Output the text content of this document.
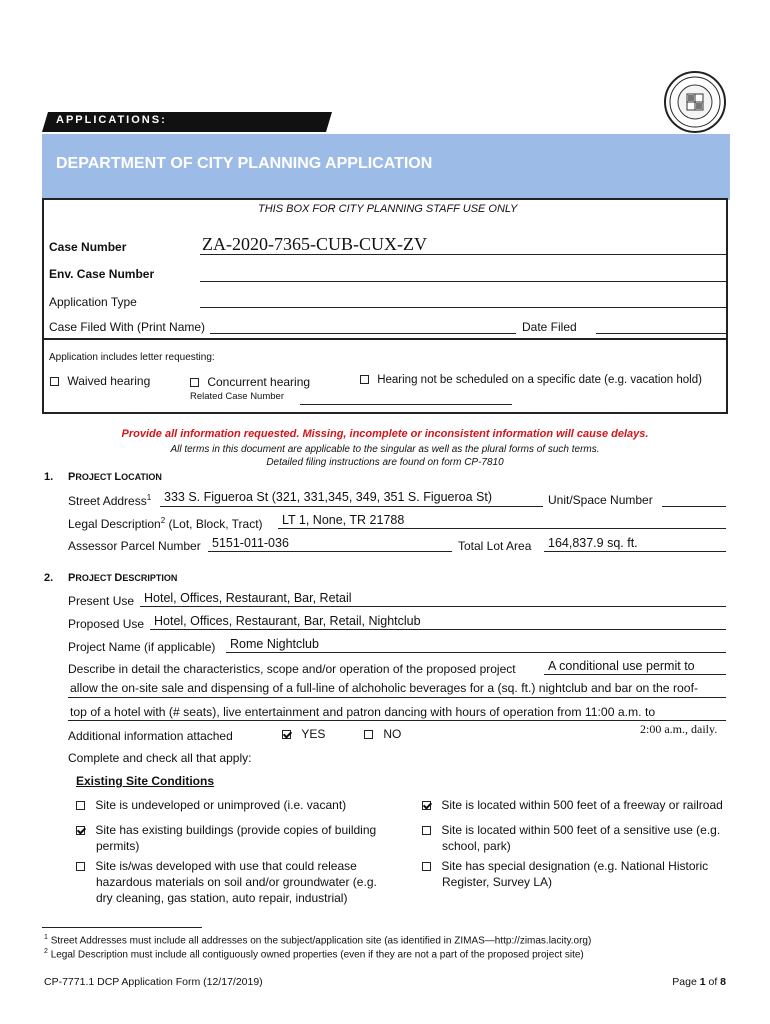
APPLICATIONS:
DEPARTMENT OF CITY PLANNING APPLICATION
THIS BOX FOR CITY PLANNING STAFF USE ONLY
Case Number	ZA-2020-7365-CUB-CUX-ZV
Env. Case Number
Application Type
Case Filed With (Print Name)	Date Filed
Application includes letter requesting:
Waived hearing	Concurrent hearing	Hearing not be scheduled on a specific date (e.g. vacation hold)
Related Case Number
Provide all information requested. Missing, incomplete or inconsistent information will cause delays.
All terms in this document are applicable to the singular as well as the plural forms of such terms.
Detailed filing instructions are found on form CP-7810
1. PROJECT LOCATION
Street Address$^1$ 333 S. Figueroa St (321, 331,345, 349, 351 S. Figueroa St)	Unit/Space Number
Legal Description$^2$ (Lot, Block, Tract) LT 1, None, TR 21788
Assessor Parcel Number 5151-011-036	Total Lot Area 164,837.9 sq. ft.
2. PROJECT DESCRIPTION
Present Use Hotel, Offices, Restaurant, Bar, Retail
Proposed Use Hotel, Offices, Restaurant, Bar, Retail, Nightclub
Project Name (if applicable) Rome Nightclub
Describe in detail the characteristics, scope and/or operation of the proposed project	A conditional use permit to
allow the on-site sale and dispensing of a full-line of alchoholic beverages for a (sq. ft.) nightclub and bar on the roof-
top of a hotel with (# seats), live entertainment and patron dancing with hours of operation from 11:00 a.m. to
2:00 a.m., daily.
Additional information attached	YES	NO
Complete and check all that apply:
Existing Site Conditions
Site is undeveloped or unimproved (i.e. vacant)
Site has existing buildings (provide copies of building
permits)
Site is/was developed with use that could release
hazardous materials on soil and/or groundwater (e.g.
dry cleaning, gas station, auto repair, industrial)
Site is located within 500 feet of a freeway or railroad
Site is located within 500 feet of a sensitive use (e.g.
school, park)
Site has special designation (e.g. National Historic
Register, Survey LA)
$^1$ Street Addresses must include all addresses on the subject/application site (as identified in ZIMAS—http://zimas.lacity.org)
$^2$ Legal Description must include all contiguously owned properties (even if they are not a part of the proposed project site)
CP-7771.1 DCP Application Form (12/17/2019)	Page 1 of 8
